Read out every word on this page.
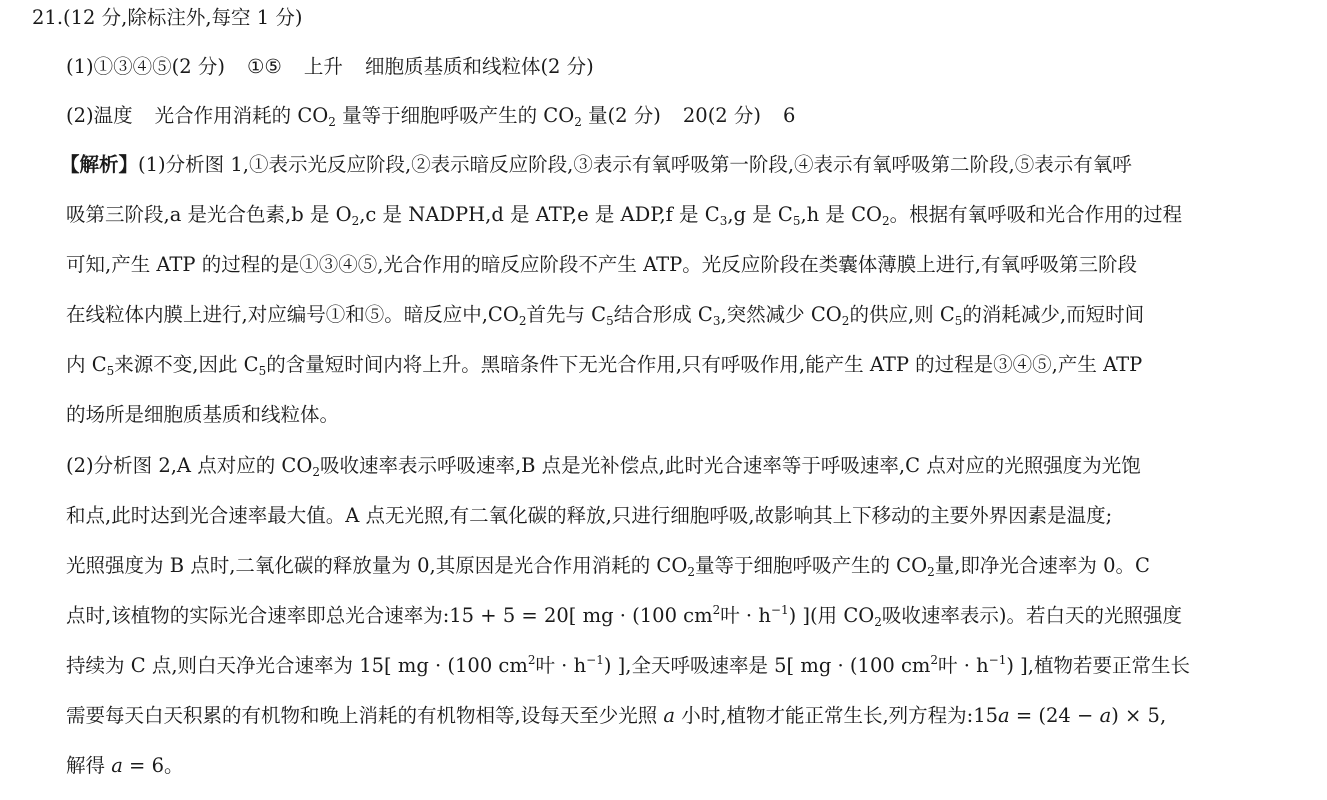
21.(12 分,除标注外,每空 1 分)
(1)①③④⑤(2 分) ①⑤ 上升 细胞质基质和线粒体(2 分)
(2)温度 光合作用消耗的 $CO_2$ 量等于细胞呼吸产生的 $CO_2$ 量(2 分) 20(2 分) 6
【解析】(1)分析图 1,①表示光反应阶段,②表示暗反应阶段,③表示有氧呼吸第一阶段,④表示有氧呼吸第二阶段,⑤表示有氧呼
吸第三阶段,a 是光合色素,b 是 $O_2,c$ 是 NADPH,d 是 ATP,e 是 ADP,f 是 $C_3,g$ 是 $C_5,h$ 是 $CO_2$。根据有氧呼吸和光合作用的过程
可知,产生 ATP 的过程的是①③④⑤,光合作用的暗反应阶段不产生 ATP。光反应阶段在类囊体薄膜上进行,有氧呼吸第三阶段
在线粒体内膜上进行,对应编号①和⑤。暗反应中$,CO_2$首先与 $C_5$结合形成 $C_3$,突然减少 $CO_2$的供应,则 $C_5$的消耗减少,而短时间
内 $C_5$来源不变,因此 $C_5$的含量短时间内将上升。黑暗条件下无光合作用,只有呼吸作用,能产生 ATP 的过程是③④⑤,产生 ATP
的场所是细胞质基质和线粒体。
(2)分析图 2,A 点对应的 $CO_2$吸收速率表示呼吸速率,B 点是光补偿点,此时光合速率等于呼吸速率,C 点对应的光照强度为光饱
和点,此时达到光合速率最大值。A 点无光照,有二氧化碳的释放,只进行细胞呼吸,故影响其上下移动的主要外界因素是温度;
光照强度为 B 点时,二氧化碳的释放量为 0,其原因是光合作用消耗的 $CO_2$量等于细胞呼吸产生的 $CO_2$量,即净光合速率为 0。C
点时,该植物的实际光合速率即总光合速率为:15 + 5 = 20[ mg · (100 $cm^2$叶 · $h^{-1}$) ](用 $CO_2$吸收速率表示)。若白天的光照强度
持续为 C 点,则白天净光合速率为 15[ mg · (100 $cm^2$叶 · $h^{-1}$) ],全天呼吸速率是 5[ mg · (100 $cm^2$叶 · $h^{-1}$) ],植物若要正常生长
需要每天白天积累的有机物和晚上消耗的有机物相等,设每天至少光照 a 小时,植物才能正常生长,列方程为:15a = (24 − a) × 5,
解得 a = 6。
